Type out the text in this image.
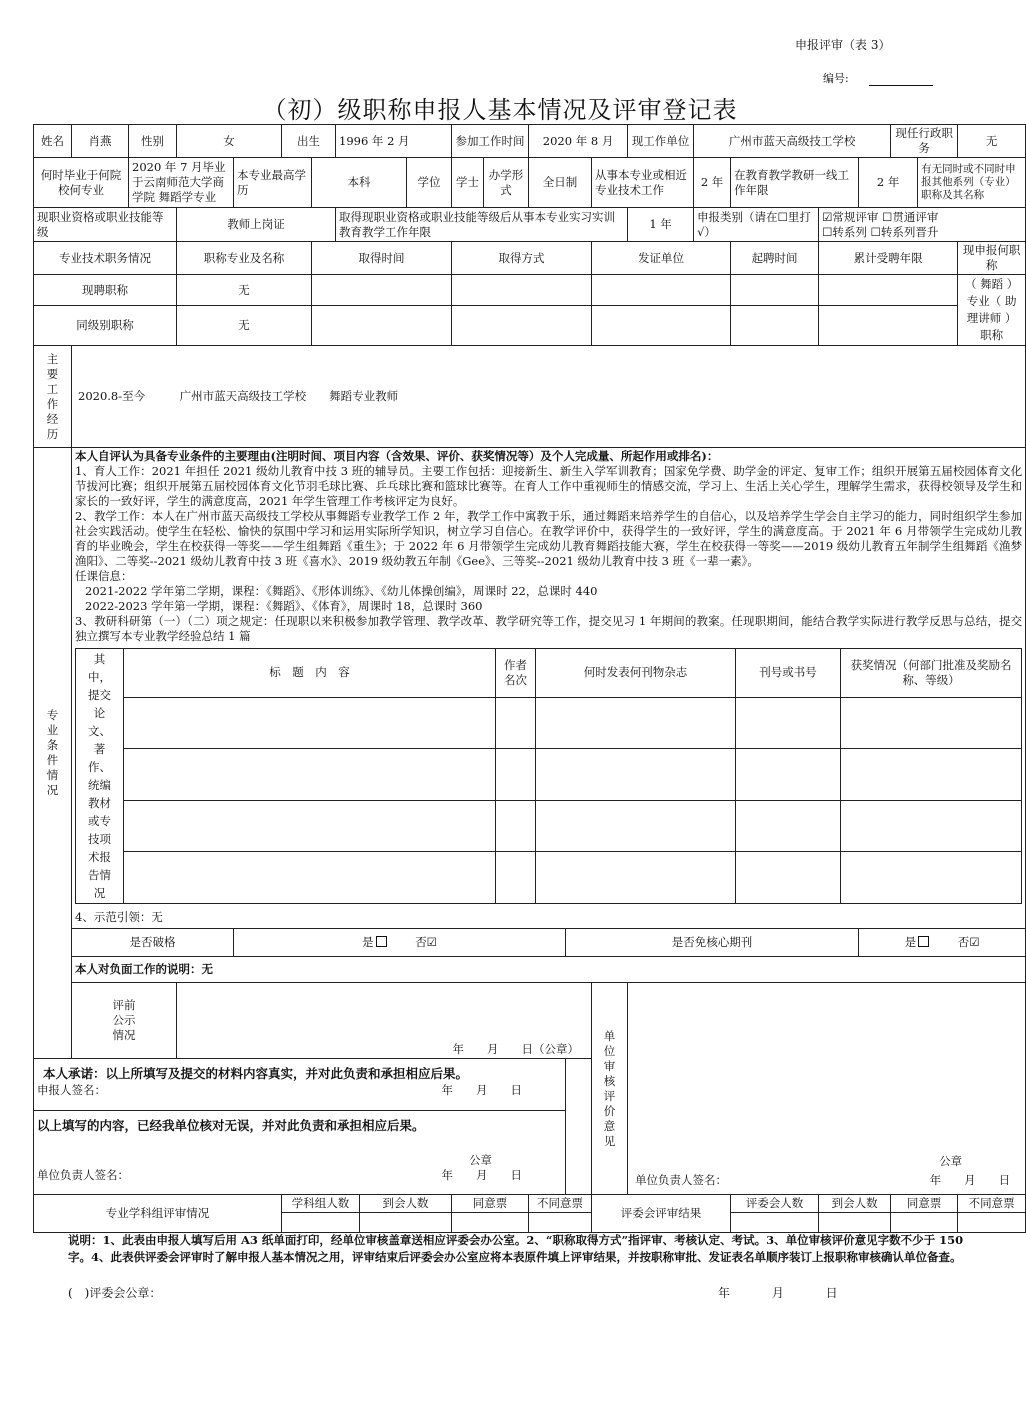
申报评审（表 3）
编号:
（初）级职称申报人基本情况及评审登记表
姓名	肖燕	性别	女	出生	1996 年 2 月	参加工作时间	2020 年 8 月	现工作单位	广州市蓝天高级技工学校	现任行政职务	无
何时毕业于何院校何专业	2020 年 7 月毕业于云南师范大学商学院 舞蹈学专业	本专业最高学历	本科	学位	学士	办学形式	全日制	从事本专业或相近专业技术工作	2 年	在教育教学教研一线工作年限	2 年	有无同时或不同时申报其他系列（专业）职称及其名称	
现职业资格或职业技能等级	教师上岗证	取得现职业资格或职业技能等级后从事本专业实习实训教育教学工作年限	1 年	申报类别（请在☐里打√）	☑常规评审 ☐贯通评审
☐转系列 ☐转系列晋升
专业技术职务情况	职称专业及名称	取得时间	取得方式	发证单位	起聘时间	累计受聘年限	现申报何职称
现聘职称	无						（ 舞蹈 ）专业（ 助理讲师 ）职称
同级别职称	无					
主要工作经历	2020.8-至今　　　广州市蓝天高级技工学校　　舞蹈专业教师
专业条件情况	
本人自评认为具备专业条件的主要理由(注明时间、项目内容（含效果、评价、获奖情况等）及个人完成量、所起作用或排名)：
1、育人工作：2021 年担任 2021 级幼儿教育中技 3 班的辅导员。主要工作包括：迎接新生、新生入学军训教育；国家免学费、助学金的评定、复审工作；组织开展第五届校园体育文化节拔河比赛；组织开展第五届校园体育文化节羽毛球比赛、乒乓球比赛和篮球比赛等。在育人工作中重视师生的情感交流，学习上、生活上关心学生，理解学生需求，获得校领导及学生和家长的一致好评，学生的满意度高，2021 年学生管理工作考核评定为良好。
2、教学工作：本人在广州市蓝天高级技工学校从事舞蹈专业教学工作 2 年，教学工作中寓教于乐，通过舞蹈来培养学生的自信心，以及培养学生学会自主学习的能力，同时组织学生参加社会实践活动。使学生在轻松、愉快的氛围中学习和运用实际所学知识，树立学习自信心。在教学评价中，获得学生的一致好评，学生的满意度高。于 2021 年 6 月带领学生完成幼儿教育的毕业晚会，学生在校获得一等奖——学生组舞蹈《重生》；于 2022 年 6 月带领学生完成幼儿教育舞蹈技能大赛，学生在校获得一等奖——2019 级幼儿教育五年制学生组舞蹈《渔梦渔阳》、二等奖--2021 级幼儿教育中技 3 班《喜水》、2019 级幼教五年制《Gee》、三等奖--2021 级幼儿教育中技 3 班《一辈一素》。
任课信息：
2021-2022 学年第二学期，课程：《舞蹈》、《形体训练》、《幼儿体操创编》，周课时 22，总课时 440
2022-2023 学年第一学期，课程：《舞蹈》、《体育》，周课时 18，总课时 360
3、教研科研第（一）（二）项之规定：任现职以来积极参加教学管理、教学改革、教学研究等工作，提交见习 1 年期间的教案。任现职期间，能结合教学实际进行教学反思与总结，提交独立撰写本专业教学经验总结 1 篇
其中，提交论文、著作、统编教材或专技项术报告情况	标　题　内　容	作者名次	何时发表何刊物杂志	刊号或书号	获奖情况（何部门批准及奖励名称、等级）

4、示范引领：无

是否破格	是 　　	否☑	是否免核心期刊	是 　　	否☑
本人对负面工作的说明：无
评前公示情况	年　　月　　日（公章）	单位审核评价意见	
公章
单位负责人签名：	年　　月　　日

本人承诺：以上所填写及提交的材料内容真实，并对此负责和承担相应后果。
申报人签名：	年　　月　　日

以上填写的内容，已经我单位核对无误，并对此负责和承担相应后果。
公章
单位负责人签名：	年　　月　　日

专业学科组评审情况	学科组人数	到会人数	同意票	不同意票	评委会评审结果	评委会人数	到会人数	同意票	不同意票

说明：1、此表由申报人填写后用 A3 纸单面打印，经单位审核盖章送相应评委会办公室。2、“职称取得方式”指评审、考核认定、考试。3、单位审核评价意见字数不少于 150 字。4、此表供评委会评审时了解申报人基本情况之用，评审结束后评委会办公室应将本表原件填上评审结果，并按职称审批、发证表名单顺序装订上报职称审核确认单位备查。
(　)评委会公章：	年 月 日
